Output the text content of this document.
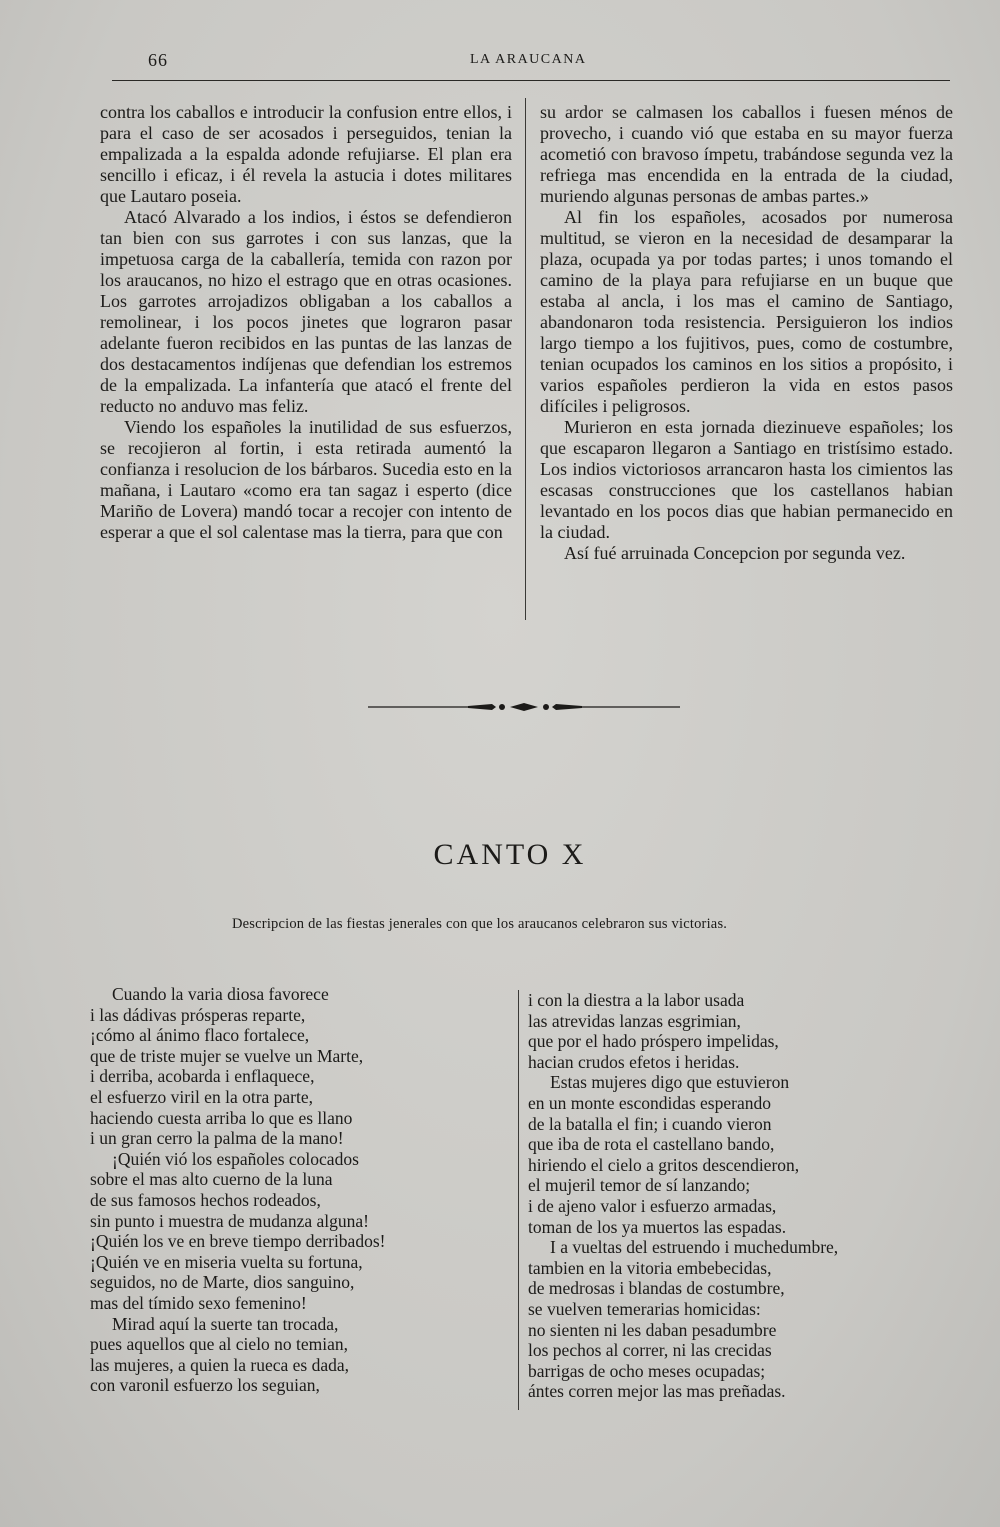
66	LA ARAUCANA

contra los caballos e introducir la confusion entre ellos, i para el caso de ser acosados i perseguidos, tenian la empalizada a la espalda adonde refujiarse. El plan era sencillo i eficaz, i él revela la astucia i dotes militares que Lautaro poseia.

Atacó Alvarado a los indios, i éstos se defendieron tan bien con sus garrotes i con sus lanzas, que la impetuosa carga de la caballería, temida con razon por los araucanos, no hizo el estrago que en otras ocasiones. Los garrotes arrojadizos obligaban a los caballos a remolinear, i los pocos jinetes que lograron pasar adelante fueron recibidos en las puntas de las lanzas de dos destacamentos indíjenas que defendian los estremos de la empalizada. La infantería que atacó el frente del reducto no anduvo mas feliz.

Viendo los españoles la inutilidad de sus esfuerzos, se recojieron al fortin, i esta retirada aumentó la confianza i resolucion de los bárbaros. Sucedia esto en la mañana, i Lautaro «como era tan sagaz i esperto (dice Mariño de Lovera) mandó tocar a recojer con intento de esperar a que el sol calentase mas la tierra, para que con

su ardor se calmasen los caballos i fuesen ménos de provecho, i cuando vió que estaba en su mayor fuerza acometió con bravoso ímpetu, trabándose segunda vez la refriega mas encendida en la entrada de la ciudad, muriendo algunas personas de ambas partes.»

Al fin los españoles, acosados por numerosa multitud, se vieron en la necesidad de desamparar la plaza, ocupada ya por todas partes; i unos tomando el camino de la playa para refujiarse en un buque que estaba al ancla, i los mas el camino de Santiago, abandonaron toda resistencia. Persiguieron los indios largo tiempo a los fujitivos, pues, como de costumbre, tenian ocupados los caminos en los sitios a propósito, i varios españoles perdieron la vida en estos pasos difíciles i peligrosos.

Murieron en esta jornada diezinueve españoles; los que escaparon llegaron a Santiago en tristísimo estado. Los indios victoriosos arrancaron hasta los cimientos las escasas construcciones que los castellanos habian levantado en los pocos dias que habian permanecido en la ciudad.

Así fué arruinada Concepcion por segunda vez.

CANTO X
Descripcion de las fiestas jenerales con que los araucanos celebraron sus victorias.
Cuando la varia diosa favorece
i las dádivas prósperas reparte,
¡cómo al ánimo flaco fortalece,
que de triste mujer se vuelve un Marte,
i derriba, acobarda i enflaquece,
el esfuerzo viril en la otra parte,
haciendo cuesta arriba lo que es llano
i un gran cerro la palma de la mano!
¡Quién vió los españoles colocados
sobre el mas alto cuerno de la luna
de sus famosos hechos rodeados,
sin punto i muestra de mudanza alguna!
¡Quién los ve en breve tiempo derribados!
¡Quién ve en miseria vuelta su fortuna,
seguidos, no de Marte, dios sanguino,
mas del tímido sexo femenino!
Mirad aquí la suerte tan trocada,
pues aquellos que al cielo no temian,
las mujeres, a quien la rueca es dada,
con varonil esfuerzo los seguian,
i con la diestra a la labor usada
las atrevidas lanzas esgrimian,
que por el hado próspero impelidas,
hacian crudos efetos i heridas.
Estas mujeres digo que estuvieron
en un monte escondidas esperando
de la batalla el fin; i cuando vieron
que iba de rota el castellano bando,
hiriendo el cielo a gritos descendieron,
el mujeril temor de sí lanzando;
i de ajeno valor i esfuerzo armadas,
toman de los ya muertos las espadas.
I a vueltas del estruendo i muchedumbre,
tambien en la vitoria embebecidas,
de medrosas i blandas de costumbre,
se vuelven temerarias homicidas:
no sienten ni les daban pesadumbre
los pechos al correr, ni las crecidas
barrigas de ocho meses ocupadas;
ántes corren mejor las mas preñadas.
